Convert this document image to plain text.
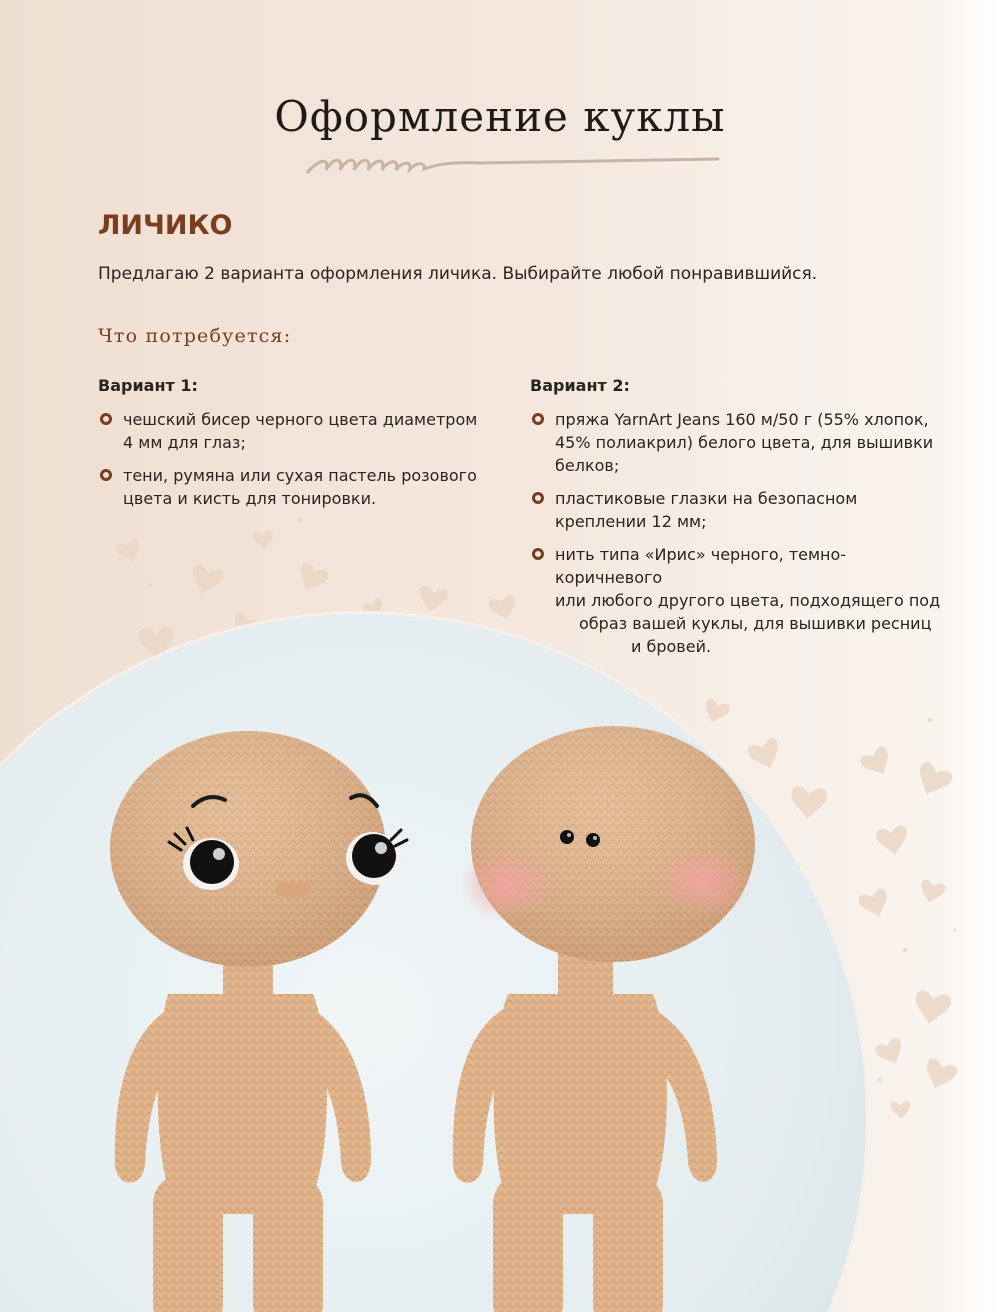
Оформление куклы
ЛИЧИКО

Предлагаю 2 варианта оформления личика. Выбирайте любой понравившийся.

Что потребуется:

Вариант 1:

чешский бисер черного цвета диаметром
4 мм для глаз;
тени, румяна или сухая пастель розового
цвета и кисть для тонировки.

Вариант 2:

пряжа YarnArt Jeans 160 м/50 г (55% хлопок,
45% полиакрил) белого цвета, для вышивки
белков;
пластиковые глазки на безопасном
креплении 12 мм;
нить типа «Ирис» черного, темно-коричневого
или любого другого цвета, подходящего под
образ вашей куклы, для вышивки ресниц
и бровей.
